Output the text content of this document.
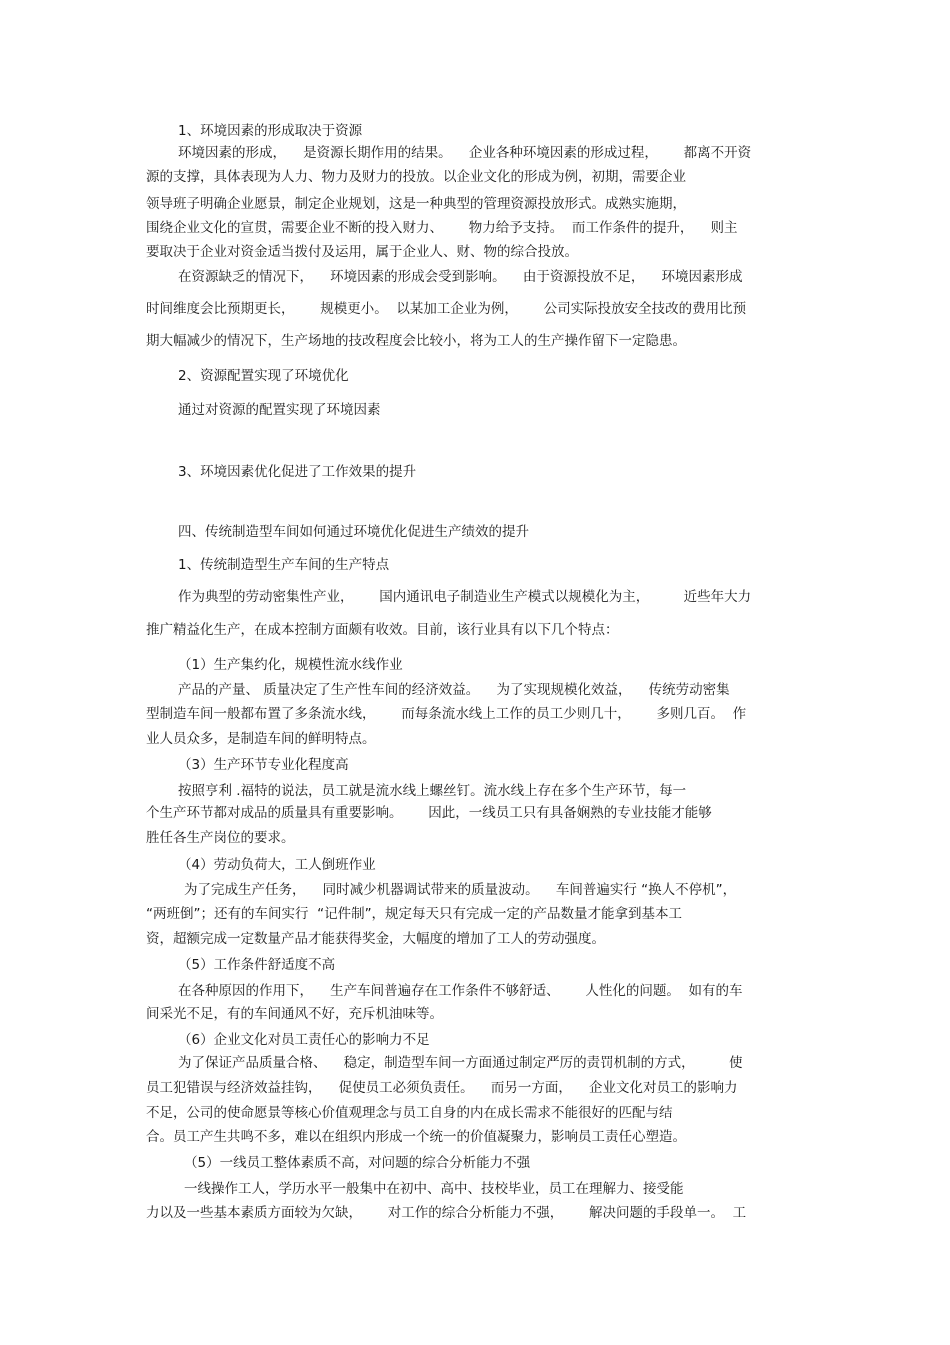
1、环境因素的形成取决于资源
环境因素的形成，    是资源长期作用的结果。    企业各种环境因素的形成过程，      都离不开资
源的支撑，具体表现为人力、物力及财力的投放。以企业文化的形成为例，初期，需要企业
领导班子明确企业愿景，制定企业规划，这是一种典型的管理资源投放形式。成熟实施期，
围绕企业文化的宣贯，需要企业不断的投入财力、      物力给予支持。  而工作条件的提升，    则主
要取决于企业对资金适当拨付及运用，属于企业人、财、物的综合投放。
在资源缺乏的情况下，    环境因素的形成会受到影响。    由于资源投放不足，    环境因素形成
时间维度会比预期更长，      规模更小。  以某加工企业为例，      公司实际投放安全技改的费用比预
期大幅减少的情况下，生产场地的技改程度会比较小，将为工人的生产操作留下一定隐患。
2、资源配置实现了环境优化
通过对资源的配置实现了环境因素
3、环境因素优化促进了工作效果的提升
四、传统制造型车间如何通过环境优化促进生产绩效的提升
1、传统制造型生产车间的生产特点
作为典型的劳动密集性产业，      国内通讯电子制造业生产模式以规模化为主，        近些年大力
推广精益化生产，在成本控制方面颇有收效。目前，该行业具有以下几个特点：
（1）生产集约化，规模性流水线作业
产品的产量、 质量决定了生产性车间的经济效益。    为了实现规模化效益，    传统劳动密集
型制造车间一般都布置了多条流水线，      而每条流水线上工作的员工少则几十，      多则几百。  作
业人员众多，是制造车间的鲜明特点。
（3）生产环节专业化程度高
按照亨利 .福特的说法，员工就是流水线上螺丝钉。流水线上存在多个生产环节，每一
个生产环节都对成品的质量具有重要影响。      因此，一线员工只有具备娴熟的专业技能才能够
胜任各生产岗位的要求。
（4）劳动负荷大，工人倒班作业
为了完成生产任务，    同时减少机器调试带来的质量波动。    车间普遍实行 “换人不停机”，
“两班倒”；还有的车间实行  “记件制”，规定每天只有完成一定的产品数量才能拿到基本工
资，超额完成一定数量产品才能获得奖金，大幅度的增加了工人的劳动强度。
（5）工作条件舒适度不高
在各种原因的作用下，    生产车间普遍存在工作条件不够舒适、      人性化的问题。  如有的车
间采光不足，有的车间通风不好，充斥机油味等。
（6）企业文化对员工责任心的影响力不足
为了保证产品质量合格、    稳定，制造型车间一方面通过制定严厉的责罚机制的方式，        使
员工犯错误与经济效益挂钩，    促使员工必须负责任。    而另一方面，    企业文化对员工的影响力
不足，公司的使命愿景等核心价值观理念与员工自身的内在成长需求不能很好的匹配与结
合。员工产生共鸣不多，难以在组织内形成一个统一的价值凝聚力，影响员工责任心塑造。
（5）一线员工整体素质不高，对问题的综合分析能力不强
一线操作工人，学历水平一般集中在初中、高中、技校毕业，员工在理解力、接受能
力以及一些基本素质方面较为欠缺，      对工作的综合分析能力不强，      解决问题的手段单一。  工
